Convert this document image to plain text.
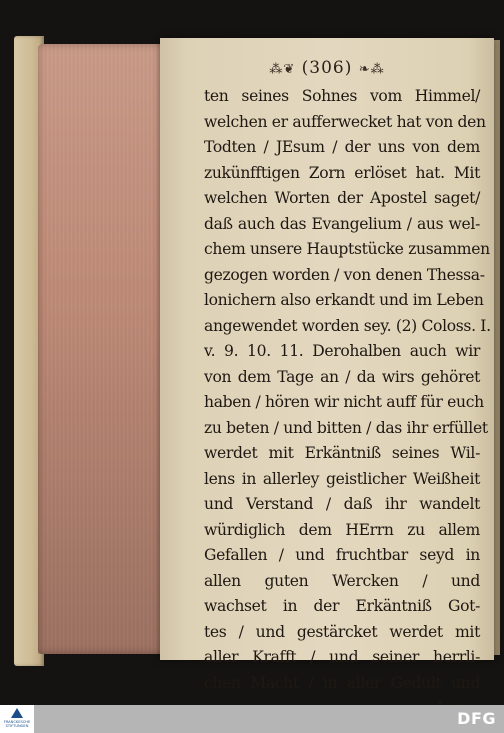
⁂❦ (306) ❧⁂
ten seines Sohnes vom Himmel/
welchen er aufferwecket hat von den
Todten / JEsum / der uns von dem
zukünfftigen Zorn erlöset hat. Mit
welchen Worten der Apostel saget/
daß auch das Evangelium / aus wel-
chem unsere Hauptstücke zusammen
gezogen worden / von denen Thessa-
lonichern also erkandt und im Leben
angewendet worden sey. (2) Coloss. I.
v. 9. 10. 11. Derohalben auch wir
von dem Tage an / da wirs gehöret
haben / hören wir nicht auff für euch
zu beten / und bitten / das ihr erfüllet
werdet mit Erkäntniß seines Wil-
lens in allerley geistlicher Weißheit
und Verstand / daß ihr wandelt
würdiglich dem HErrn zu allem
Gefallen / und fruchtbar seyd in
allen guten Wercken / und
wachset in der Erkäntniß Got-
tes / und gestärcket werdet mit
aller Krafft / und seiner herrli-
chen Macht / in aller Gedult und
FRANCKESCHE STIFTUNGEN	DFG
